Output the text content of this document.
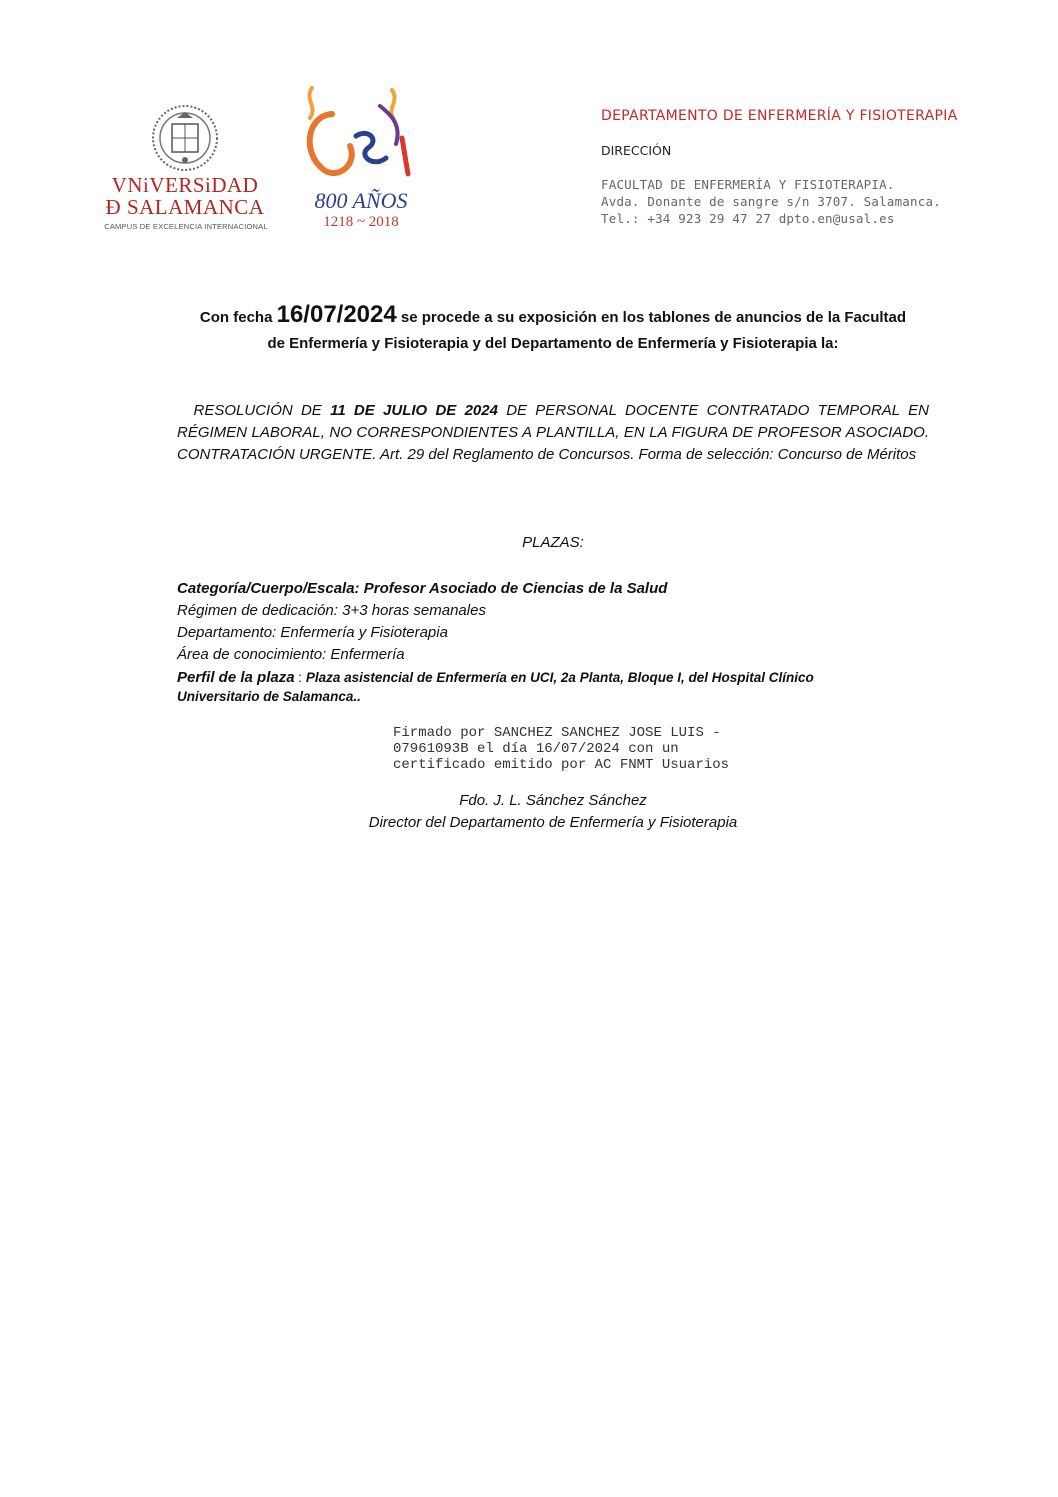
VNiVERSiDAD
Ð SALAMANCA
CAMPUS DE EXCELENCIA INTERNACIONAL
800 AÑOS
1218 ~ 2018
DEPARTAMENTO DE ENFERMERÍA Y FISIOTERAPIA
DIRECCIÓN
FACULTAD DE ENFERMERÍA Y FISIOTERAPIA.
Avda. Donante de sangre s/n 3707. Salamanca.
Tel.: +34 923 29 47 27 dpto.en@usal.es
Con fecha 16/07/2024 se procede a su exposición en los tablones de anuncios de la Facultad
de Enfermería y Fisioterapia y del Departamento de Enfermería y Fisioterapia la:
RESOLUCIÓN DE 11 DE JULIO DE 2024 DE PERSONAL DOCENTE CONTRATADO TEMPORAL EN RÉGIMEN LABORAL, NO CORRESPONDIENTES A PLANTILLA, EN LA FIGURA DE PROFESOR ASOCIADO. CONTRATACIÓN URGENTE. Art. 29 del Reglamento de Concursos. Forma de selección: Concurso de Méritos
PLAZAS:
Categoría/Cuerpo/Escala: Profesor Asociado de Ciencias de la Salud
Régimen de dedicación: 3+3 horas semanales
Departamento: Enfermería y Fisioterapia
Área de conocimiento: Enfermería
Perfil de la plaza : Plaza asistencial de Enfermería en UCI, 2a Planta, Bloque I, del Hospital Clínico Universitario de Salamanca..
Firmado por SANCHEZ SANCHEZ JOSE LUIS -
07961093B el día 16/07/2024 con un
certificado emitido por AC FNMT Usuarios
Fdo. J. L. Sánchez Sánchez
Director del Departamento de Enfermería y Fisioterapia
